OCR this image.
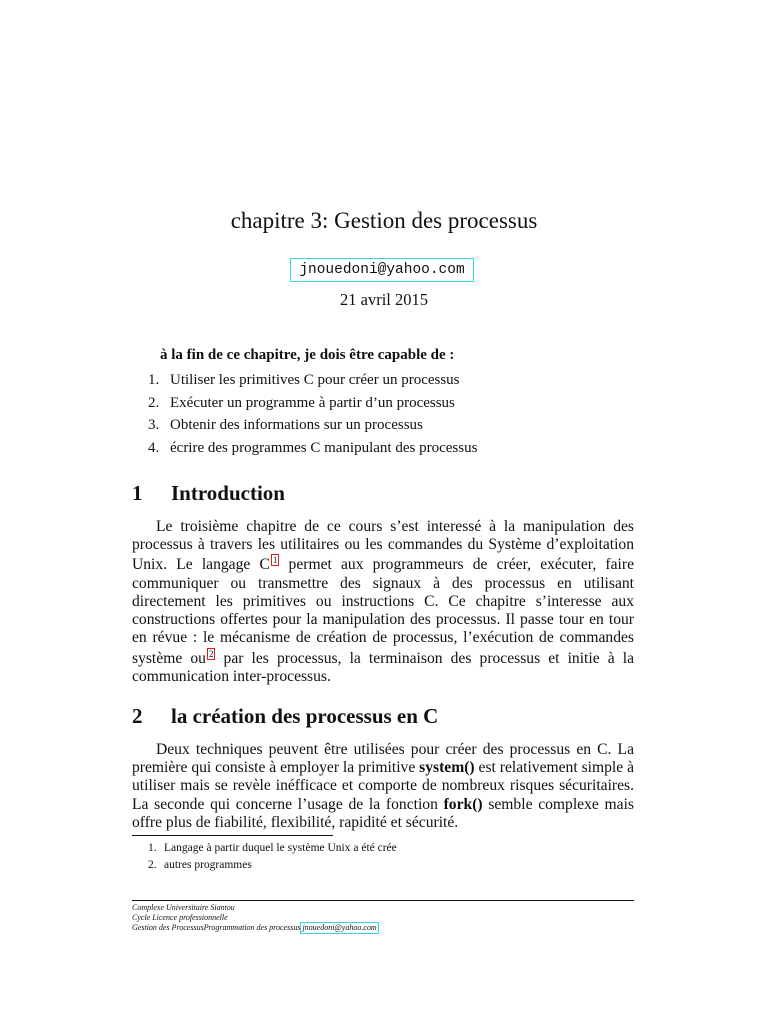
chapitre 3: Gestion des processus
jnouedoni@yahoo.com
21 avril 2015
à la fin de ce chapitre, je dois être capable de :
1. Utiliser les primitives C pour créer un processus
2. Exécuter un programme à partir d’un processus
3. Obtenir des informations sur un processus
4. écrire des programmes C manipulant des processus
1 Introduction
Le troisième chapitre de ce cours s’est interessé à la manipulation des processus à travers les utilitaires ou les commandes du Système d’exploitation Unix. Le langage C 1 permet aux programmeurs de créer, exécuter, faire communiquer ou transmettre des signaux à des processus en utilisant directement les primitives ou instructions C. Ce chapitre s’interesse aux constructions offertes pour la manipulation des processus. Il passe tour en tour en révue : le mécanisme de création de processus, l’exécution de commandes système ou 2 par les processus, la terminaison des processus et initie à la communication inter-processus.
2 la création des processus en C
Deux techniques peuvent être utilisées pour créer des processus en C. La première qui consiste à employer la primitive system() est relativement simple à utiliser mais se revèle inéfficace et comporte de nombreux risques sécuritaires. La seconde qui concerne l’usage de la fonction fork() semble complexe mais offre plus de fiabilité, flexibilité, rapidité et sécurité.
1. Langage à partir duquel le système Unix a été crée
2. autres programmes
Complexe Universitaire Siantou
Cycle Licence professionnelle
Gestion des ProcessusProgrammation des processus jnouedoni@yahoo.com
